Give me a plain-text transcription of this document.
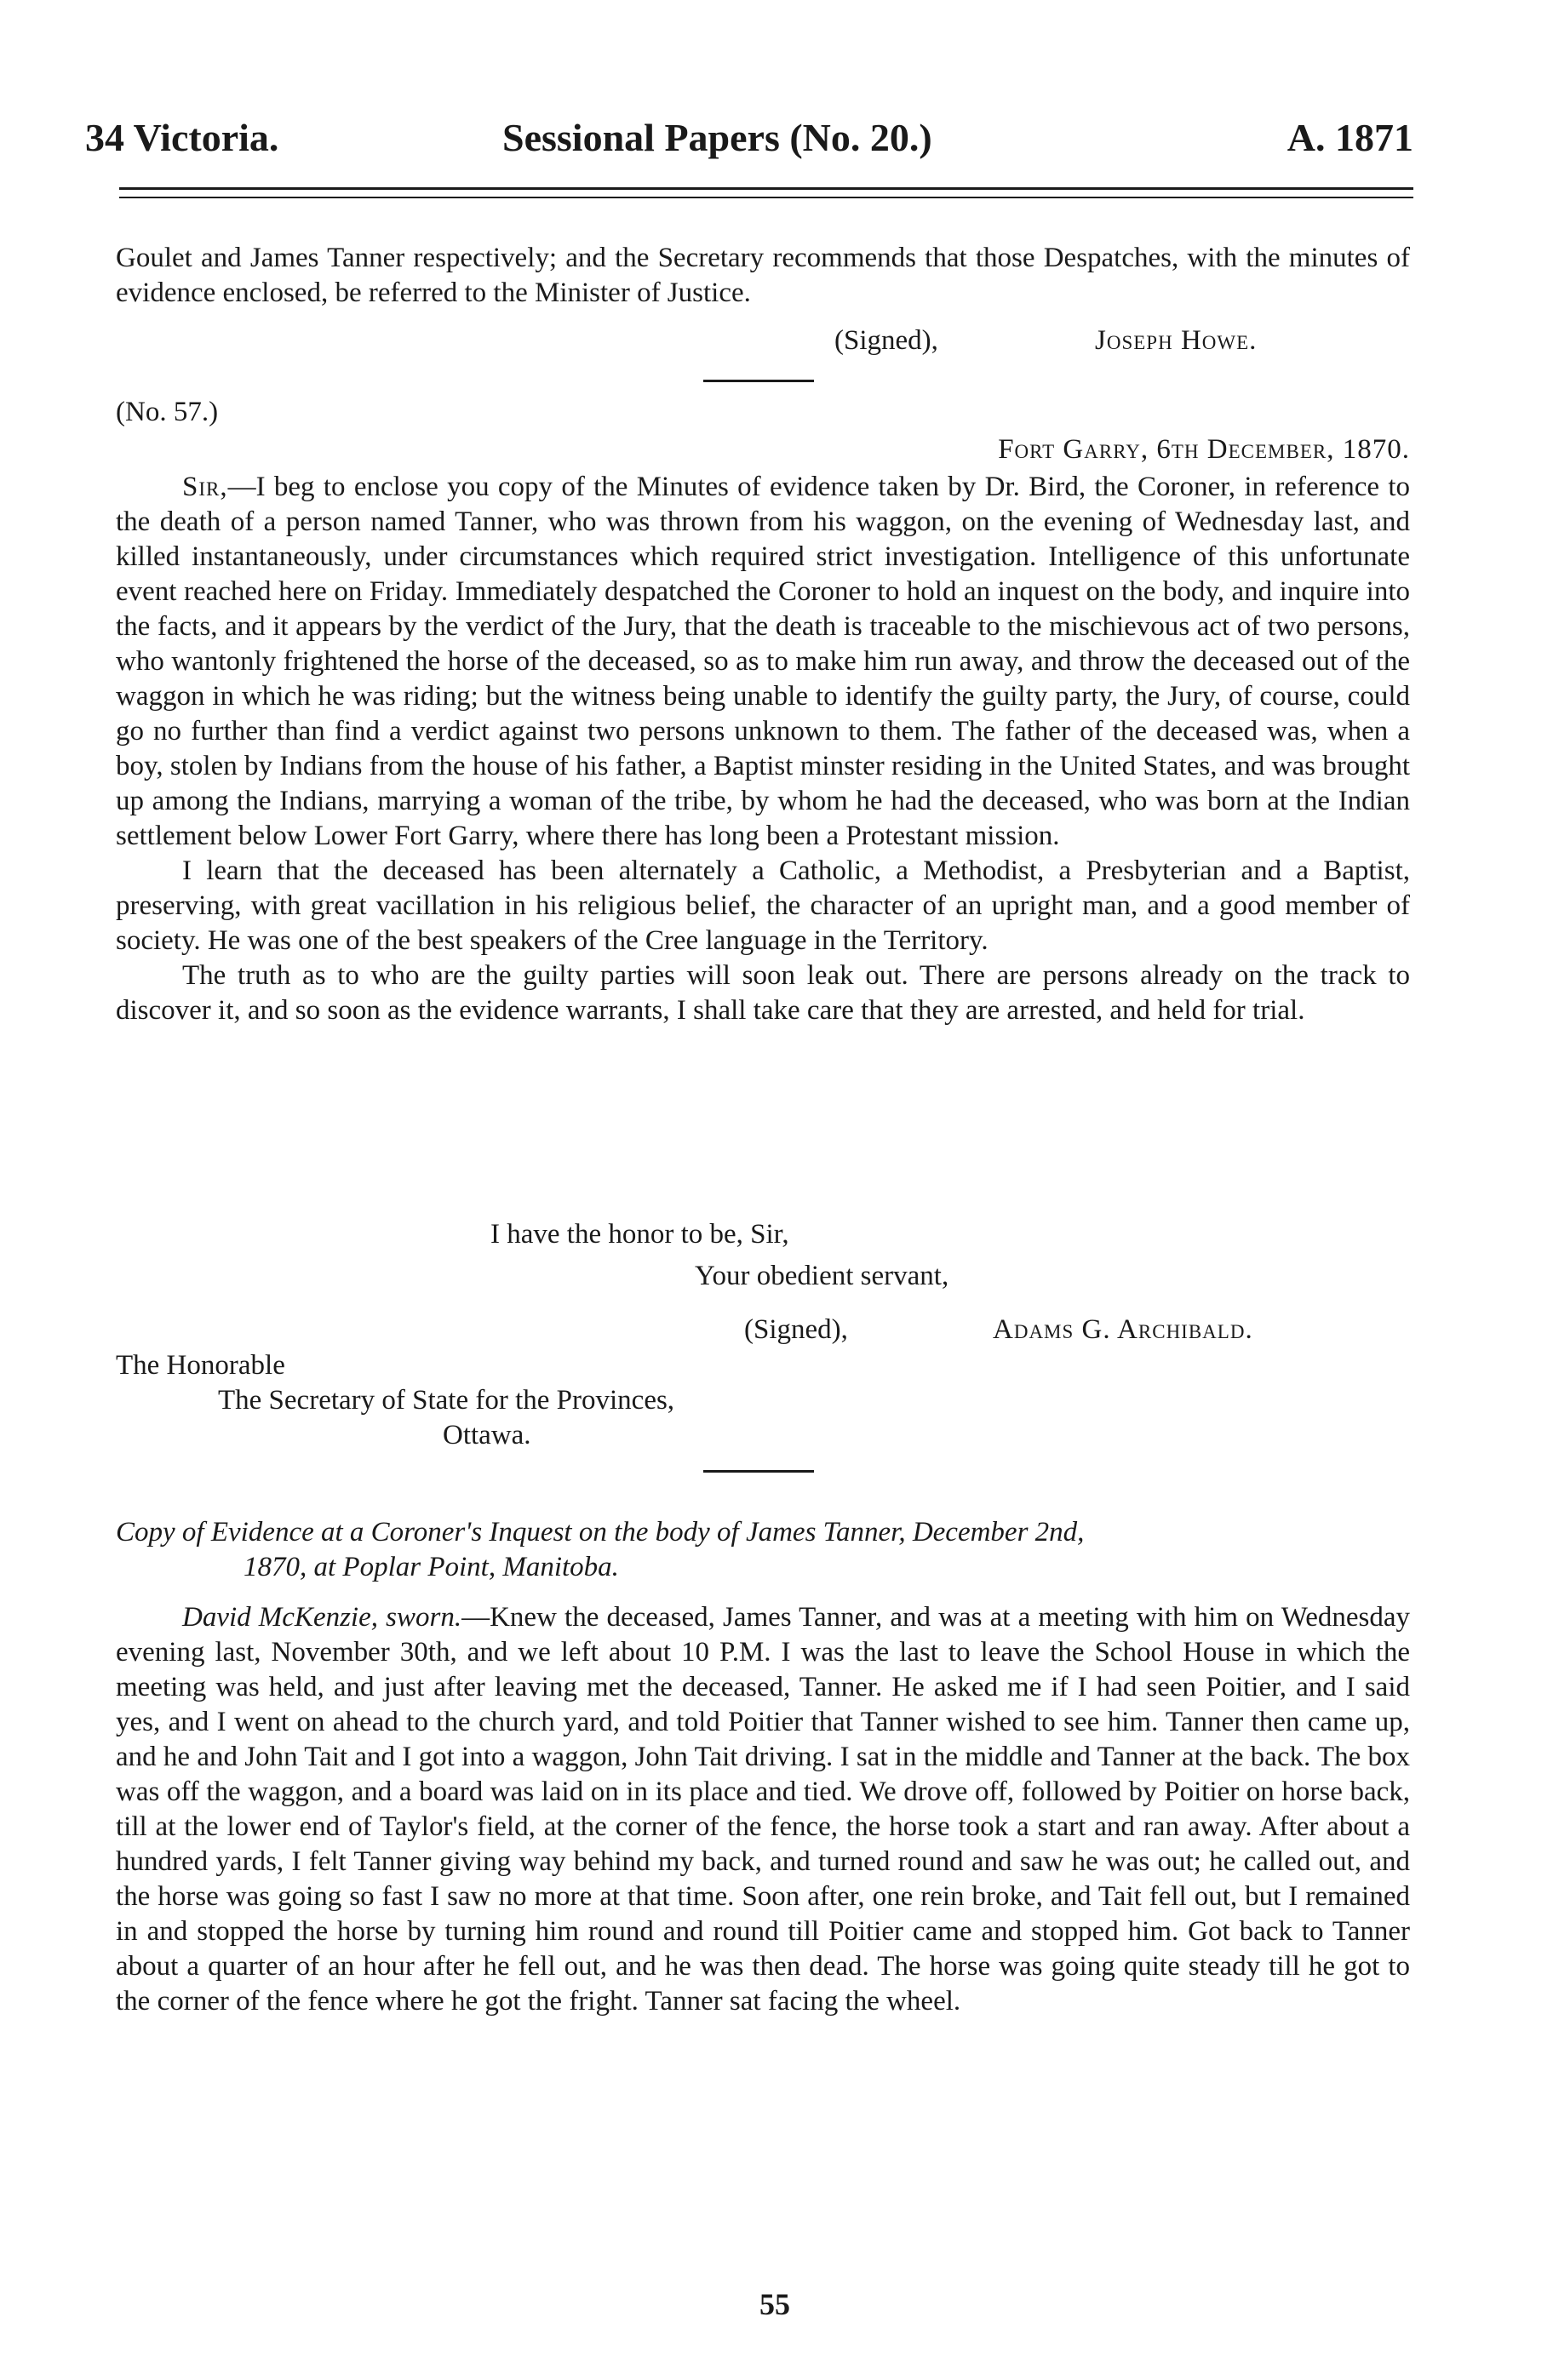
34 Victoria.	Sessional Papers (No. 20.)	A. 1871

Goulet and James Tanner respectively; and the Secretary recommends that those Despatches, with the minutes of evidence enclosed, be referred to the Minister of Justice.

(Signed),	Joseph Howe.
(No. 57.)
Fort Garry, 6th December, 1870.

Sir,—I beg to enclose you copy of the Minutes of evidence taken by Dr. Bird, the Coroner, in reference to the death of a person named Tanner, who was thrown from his waggon, on the evening of Wednesday last, and killed instantaneously, under circumstances which required strict investigation. Intelligence of this unfortunate event reached here on Friday. Immediately despatched the Coroner to hold an inquest on the body, and inquire into the facts, and it appears by the verdict of the Jury, that the death is traceable to the mischievous act of two persons, who wantonly frightened the horse of the deceased, so as to make him run away, and throw the deceased out of the waggon in which he was riding; but the witness being unable to identify the guilty party, the Jury, of course, could go no further than find a verdict against two persons unknown to them. The father of the deceased was, when a boy, stolen by Indians from the house of his father, a Baptist minster residing in the United States, and was brought up among the Indians, marrying a woman of the tribe, by whom he had the deceased, who was born at the Indian settlement below Lower Fort Garry, where there has long been a Protestant mission.

I learn that the deceased has been alternately a Catholic, a Methodist, a Presbyterian and a Baptist, preserving, with great vacillation in his religious belief, the character of an upright man, and a good member of society. He was one of the best speakers of the Cree language in the Territory.

The truth as to who are the guilty parties will soon leak out. There are persons already on the track to discover it, and so soon as the evidence warrants, I shall take care that they are arrested, and held for trial.

I have the honor to be, Sir,
Your obedient servant,
(Signed),	Adams G. Archibald.
The Honorable
The Secretary of State for the Provinces,
Ottawa.
Copy of Evidence at a Coroner's Inquest on the body of James Tanner, December 2nd,
1870, at Poplar Point, Manitoba.

David McKenzie, sworn.—Knew the deceased, James Tanner, and was at a meeting with him on Wednesday evening last, November 30th, and we left about 10 P.M. I was the last to leave the School House in which the meeting was held, and just after leaving met the deceased, Tanner. He asked me if I had seen Poitier, and I said yes, and I went on ahead to the church yard, and told Poitier that Tanner wished to see him. Tanner then came up, and he and John Tait and I got into a waggon, John Tait driving. I sat in the middle and Tanner at the back. The box was off the waggon, and a board was laid on in its place and tied. We drove off, followed by Poitier on horse back, till at the lower end of Taylor's field, at the corner of the fence, the horse took a start and ran away. After about a hundred yards, I felt Tanner giving way behind my back, and turned round and saw he was out; he called out, and the horse was going so fast I saw no more at that time. Soon after, one rein broke, and Tait fell out, but I remained in and stopped the horse by turning him round and round till Poitier came and stopped him. Got back to Tanner about a quarter of an hour after he fell out, and he was then dead. The horse was going quite steady till he got to the corner of the fence where he got the fright. Tanner sat facing the wheel.

55
